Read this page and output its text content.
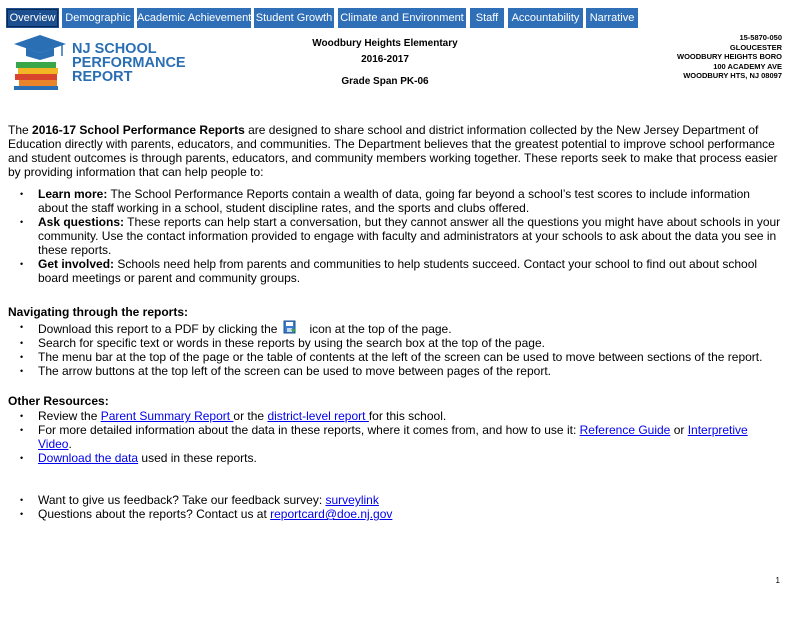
Overview Demographic Academic Achievement Student Growth Climate and Environment	Staff	Accountability Narrative
NJ SCHOOL
PERFORMANCE
REPORT
Woodbury Heights Elementary
2016-2017
Grade Span PK-06
15-5870-050
GLOUCESTER
WOODBURY HEIGHTS BORO
100 ACADEMY AVE
WOODBURY HTS, NJ 08097

The 2016-17 School Performance Reports are designed to share school and district information collected by the New Jersey Department of Education directly with parents, educators, and communities. The Department believes that the greatest potential to improve school performance and student outcomes is through parents, educators, and community members working together. These reports seek to make that process easier by providing information that can help people to:

• Learn more: The School Performance Reports contain a wealth of data, going far beyond a school’s test scores to include information about the staff working in a school, student discipline rates, and the sports and clubs offered.
• Ask questions: These reports can help start a conversation, but they cannot answer all the questions you might have about schools in your community. Use the contact information provided to engage with faculty and administrators at your schools to ask about the data you see in these reports.
• Get involved: Schools need help from parents and communities to help students succeed. Contact your school to find out about school board meetings or parent and community groups.
Navigating through the reports:
• Download this report to a PDF by clicking the	icon at the top of the page.
• Search for specific text or words in these reports by using the search box at the top of the page.
• The menu bar at the top of the page or the table of contents at the left of the screen can be used to move between sections of the report.
• The arrow buttons at the top left of the screen can be used to move between pages of the report.
Other Resources:
• Review the Parent Summary Report or the district-level report for this school.
• For more detailed information about the data in these reports, where it comes from, and how to use it: Reference Guide or Interpretive Video.
• Download the data used in these reports.
• Want to give us feedback? Take our feedback survey: surveylink
• Questions about the reports? Contact us at reportcard@doe.nj.gov
1
